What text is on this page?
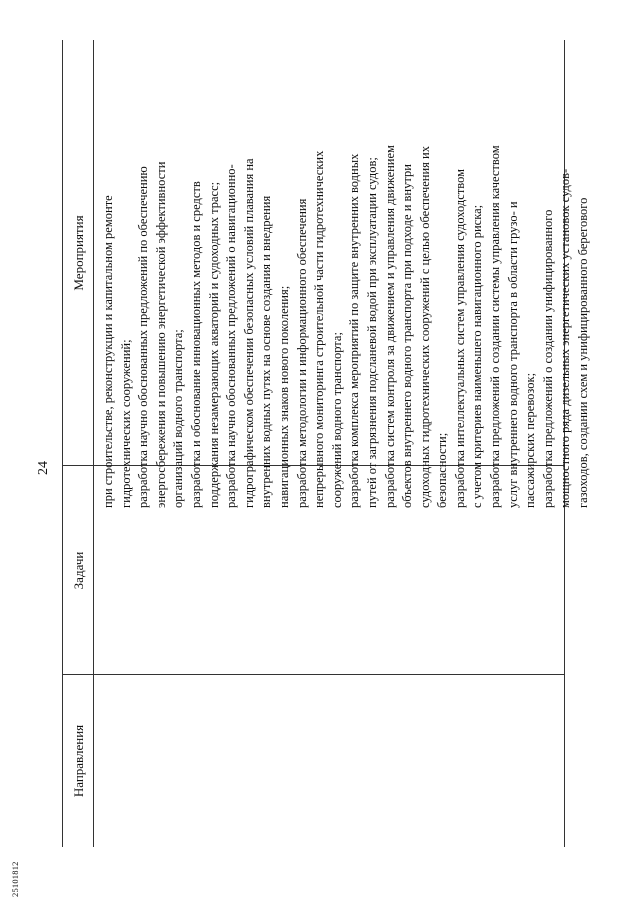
24
Направления
Задачи
Мероприятия
при строительстве, реконструкции и капитальном ремонте
гидротехнических сооружений;
разработка научно обоснованных предложений по обеспечению
энергосбережения и повышению энергетической эффективности
организаций водного транспорта;
разработка и обоснование инновационных методов и средств
поддержания незамерзающих акваторий и судоходных трасс;
разработка научно обоснованных предложений о навигационно-
гидрографическом обеспечении безопасных условий плавания на
внутренних водных путях на основе создания и внедрения
навигационных знаков нового поколения;
разработка методологии и информационного обеспечения
непрерывного мониторинга строительной части гидротехнических
сооружений водного транспорта;
разработка комплекса мероприятий по защите внутренних водных
путей от загрязнения подсланевой водой при эксплуатации судов;
разработка систем контроля за движением и управления движением
объектов внутреннего водного транспорта при подходе и внутри
судоходных гидротехнических сооружений с целью обеспечения их
безопасности;
разработка интеллектуальных систем управления судоходством
с учетом критериев наименьшего навигационного риска;
разработка предложений о создании системы управления качеством
услуг внутреннего водного транспорта в области грузо- и
пассажирских перевозок;
разработка предложений о создании унифицированного
мощностного ряда дизельных энергетических установок судов-
газоходов, создании схем и унифицированного берегового
25101812
